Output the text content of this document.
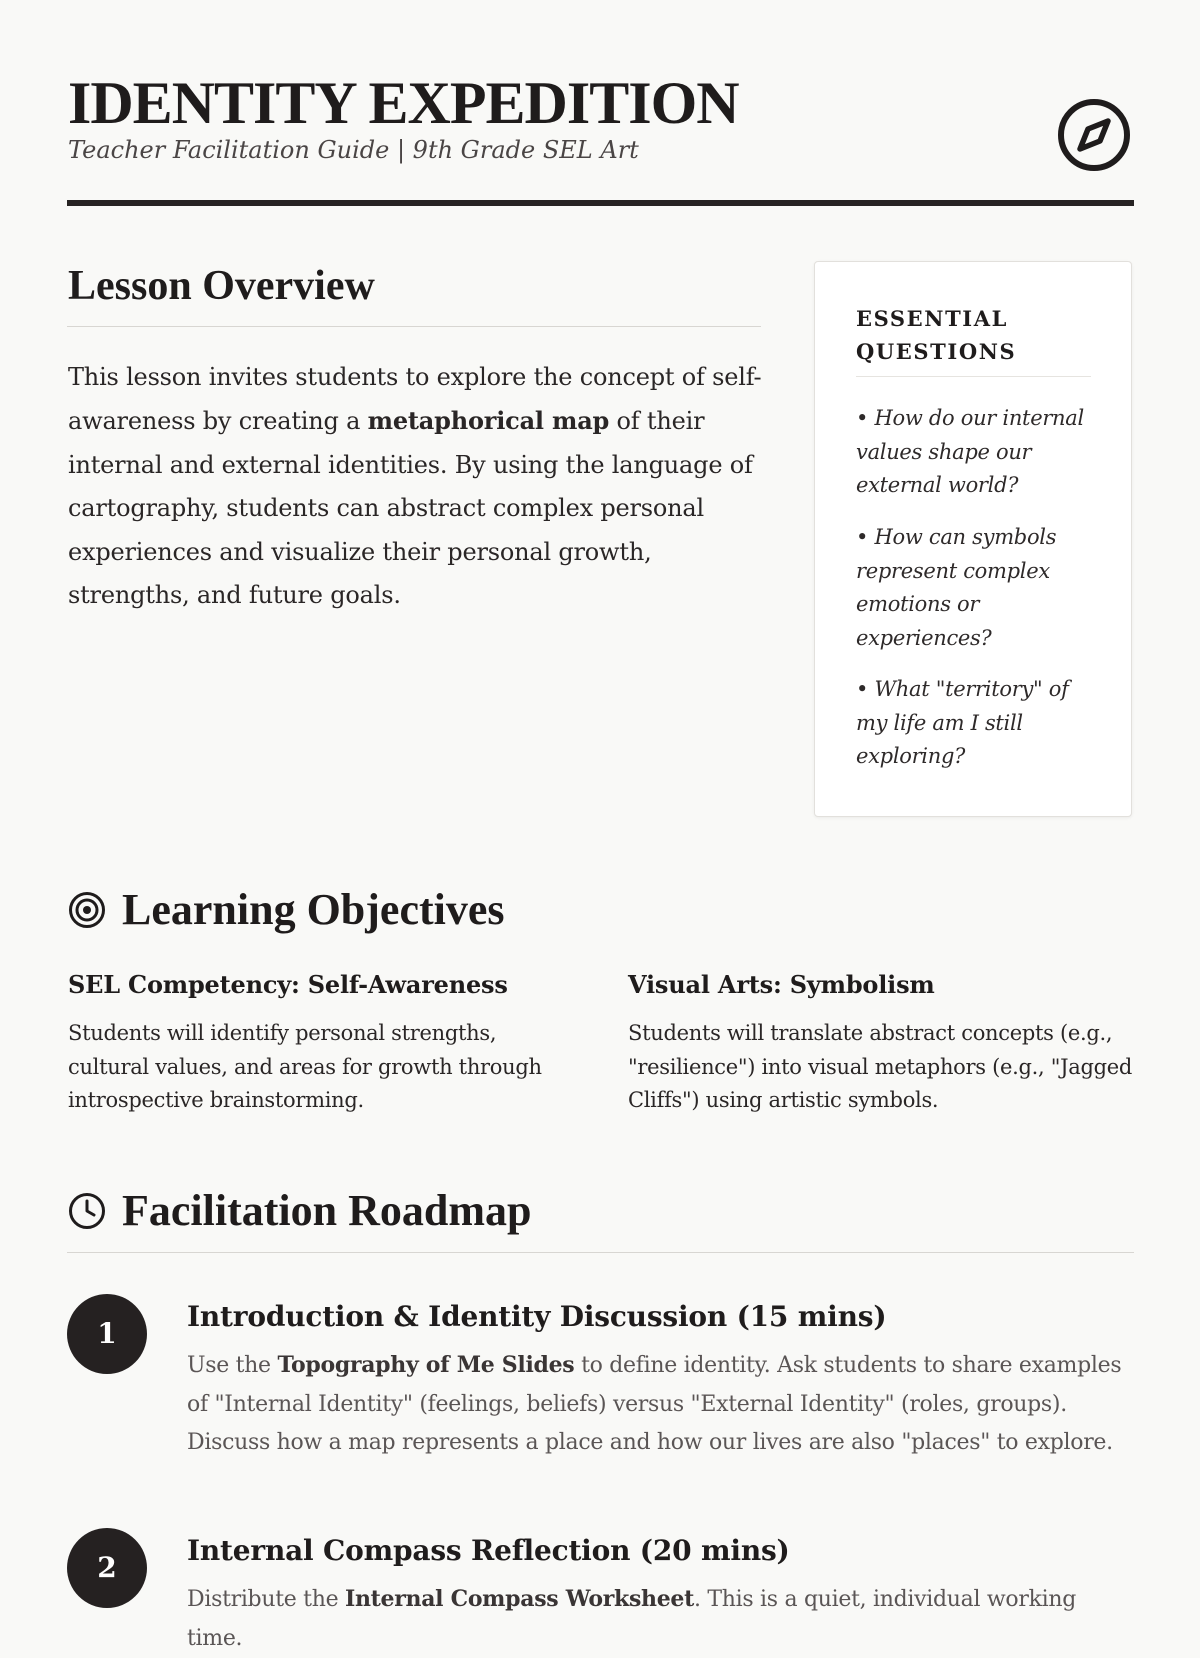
IDENTITY EXPEDITION
Teacher Facilitation Guide | 9th Grade SEL Art
Lesson Overview

This lesson invites students to explore the concept of self-awareness by creating a metaphorical map of their internal and external identities. By using the language of cartography, students can abstract complex personal experiences and visualize their personal growth, strengths, and future goals.

ESSENTIAL QUESTIONS

• How do our internal values shape our external world?

• How can symbols represent complex emotions or experiences?

• What "territory" of my life am I still exploring?

Learning Objectives
SEL Competency: Self-Awareness

Students will identify personal strengths, cultural values, and areas for growth through introspective brainstorming.

Visual Arts: Symbolism

Students will translate abstract concepts (e.g., "resilience") into visual metaphors (e.g., "Jagged Cliffs") using artistic symbols.

Facilitation Roadmap
1
Introduction & Identity Discussion (15 mins)

Use the Topography of Me Slides to define identity. Ask students to share examples of "Internal Identity" (feelings, beliefs) versus "External Identity" (roles, groups). Discuss how a map represents a place and how our lives are also "places" to explore.

2
Internal Compass Reflection (20 mins)

Distribute the Internal Compass Worksheet. This is a quiet, individual working time.
